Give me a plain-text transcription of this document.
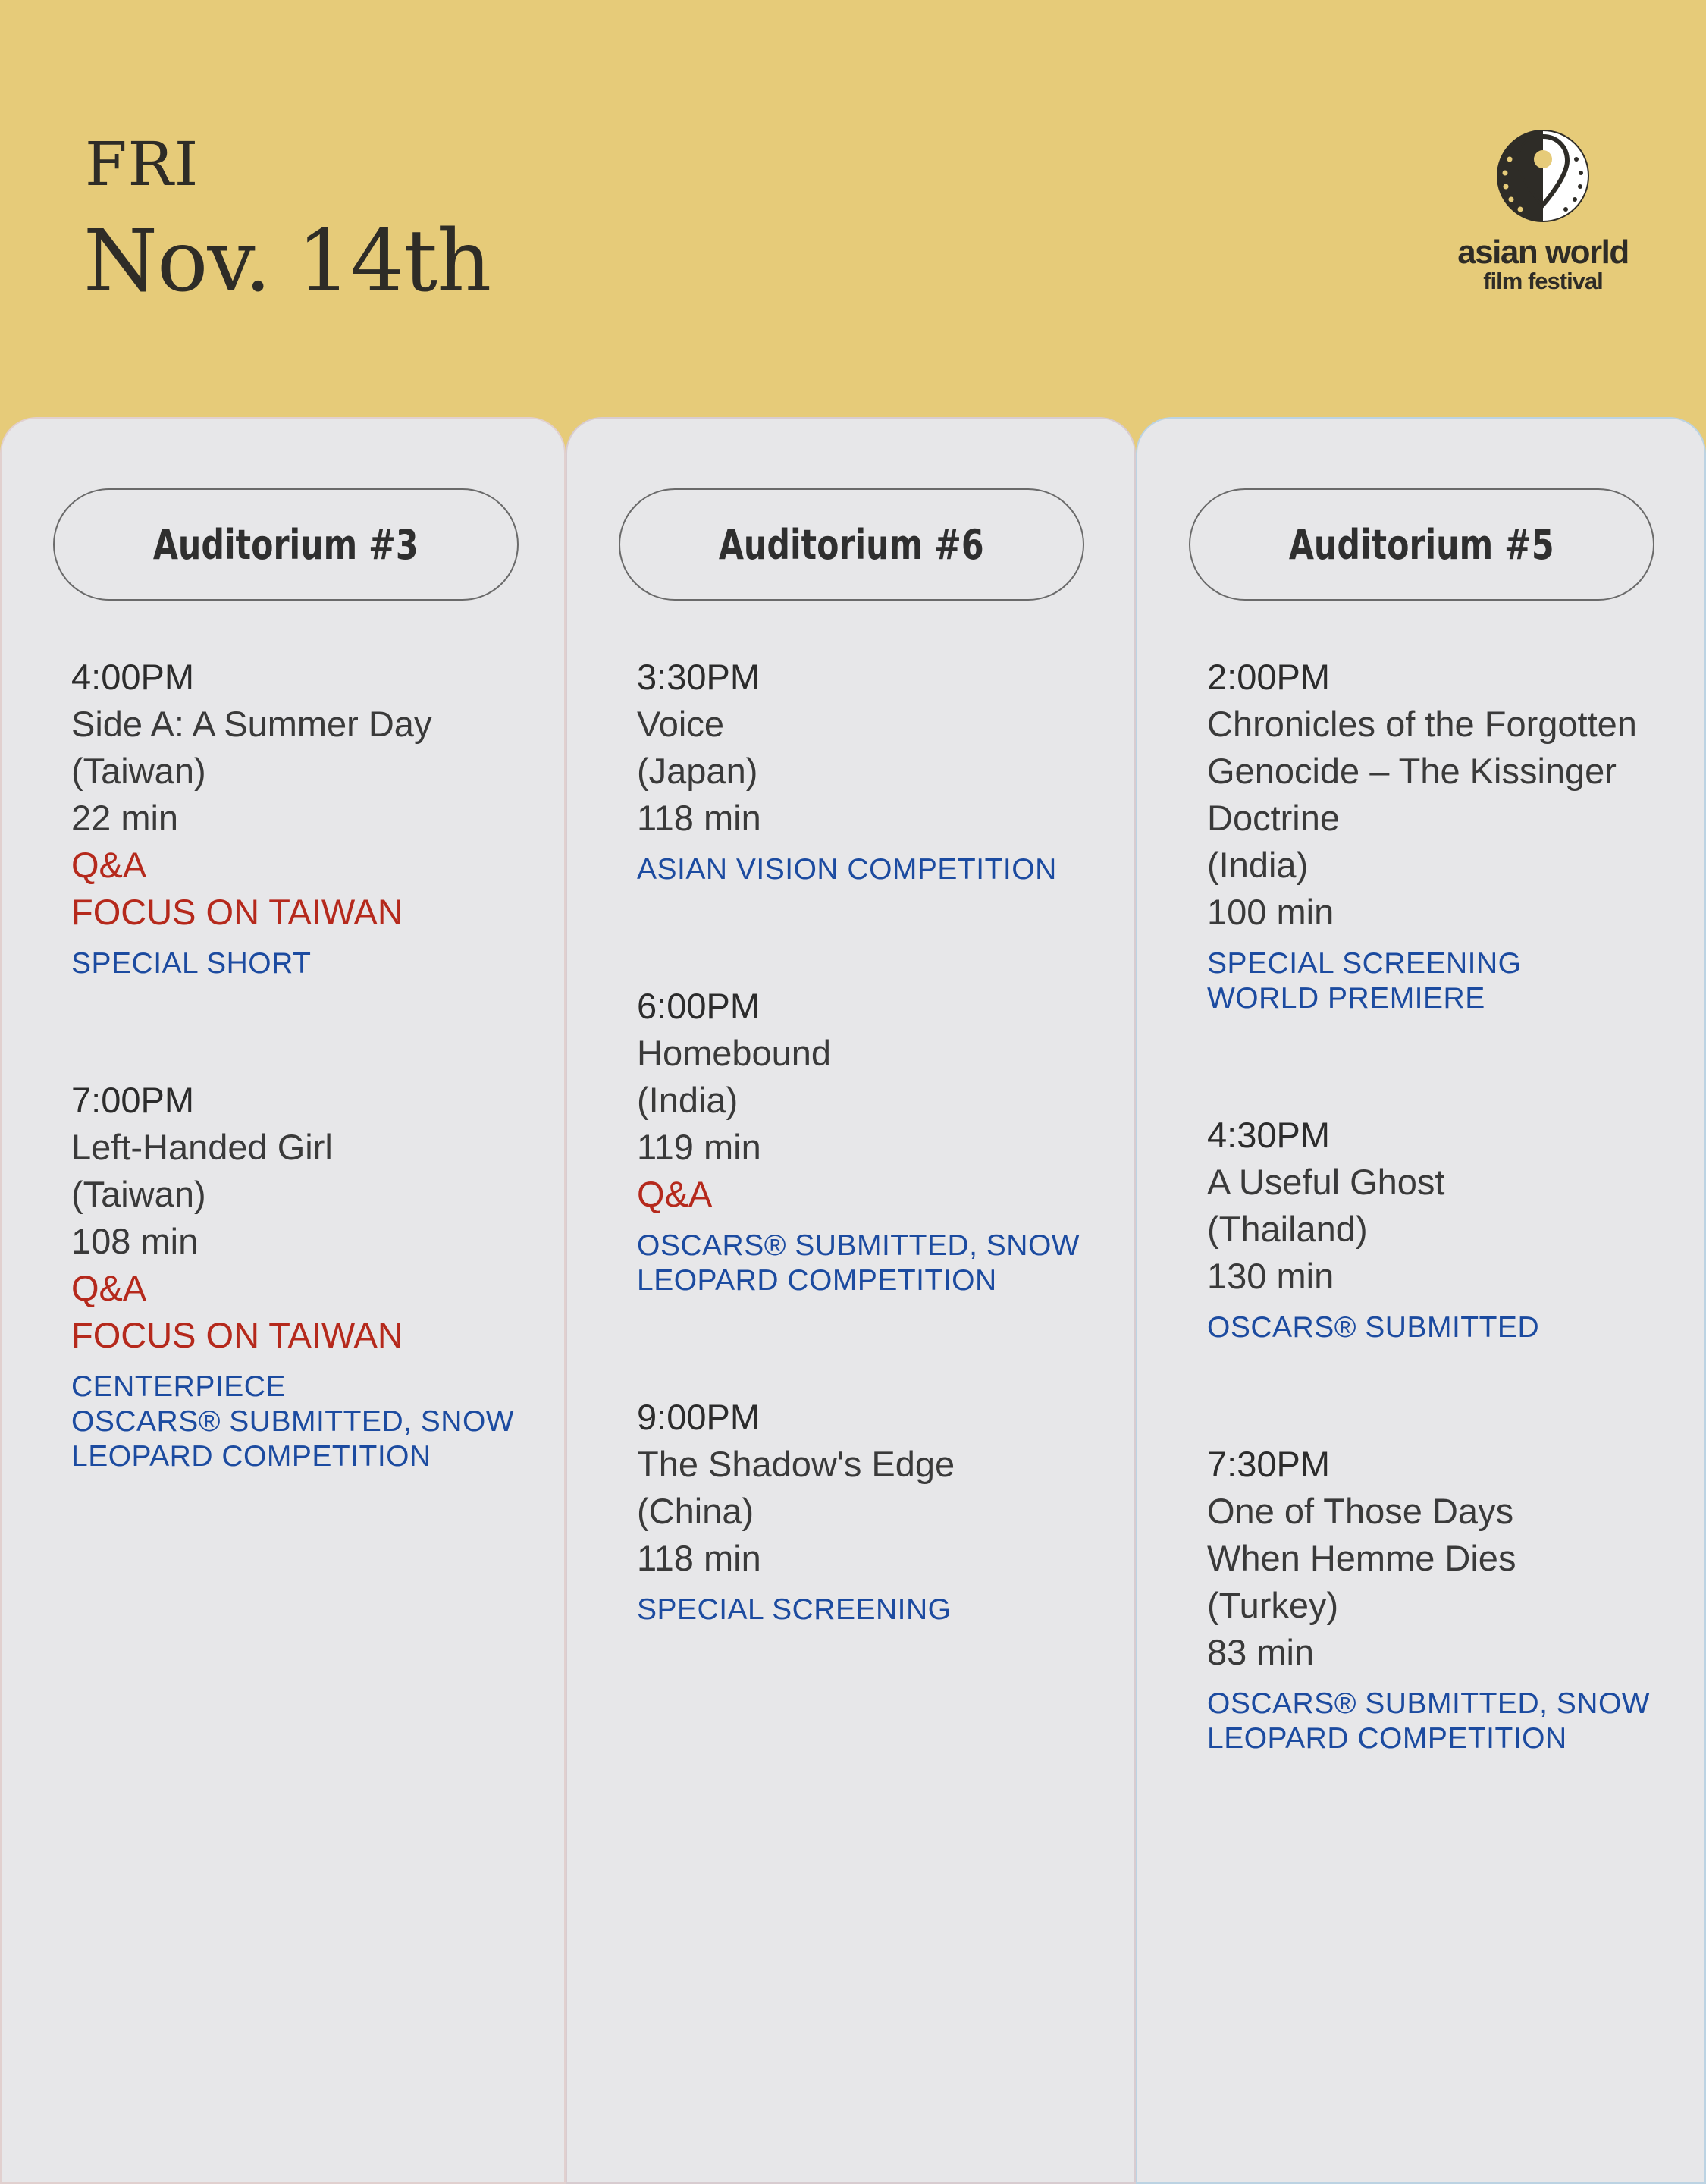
FRI
Nov. 14th	asian world
film festival
Auditorium #3
4:00PM
Side A: A Summer Day
(Taiwan)
22 min
Q&A
FOCUS ON TAIWAN
SPECIAL SHORT
7:00PM
Left-Handed Girl
(Taiwan)
108 min
Q&A
FOCUS ON TAIWAN
CENTERPIECE
OSCARS® SUBMITTED, SNOW
LEOPARD COMPETITION
Auditorium #6
3:30PM
Voice
(Japan)
118 min
ASIAN VISION COMPETITION
6:00PM
Homebound
(India)
119 min
Q&A
OSCARS® SUBMITTED, SNOW
LEOPARD COMPETITION
9:00PM
The Shadow's Edge
(China)
118 min
SPECIAL SCREENING
Auditorium #5
2:00PM
Chronicles of the Forgotten
Genocide – The Kissinger
Doctrine
(India)
100 min
SPECIAL SCREENING
WORLD PREMIERE
4:30PM
A Useful Ghost
(Thailand)
130 min
OSCARS® SUBMITTED
7:30PM
One of Those Days
When Hemme Dies
(Turkey)
83 min
OSCARS® SUBMITTED, SNOW
LEOPARD COMPETITION
